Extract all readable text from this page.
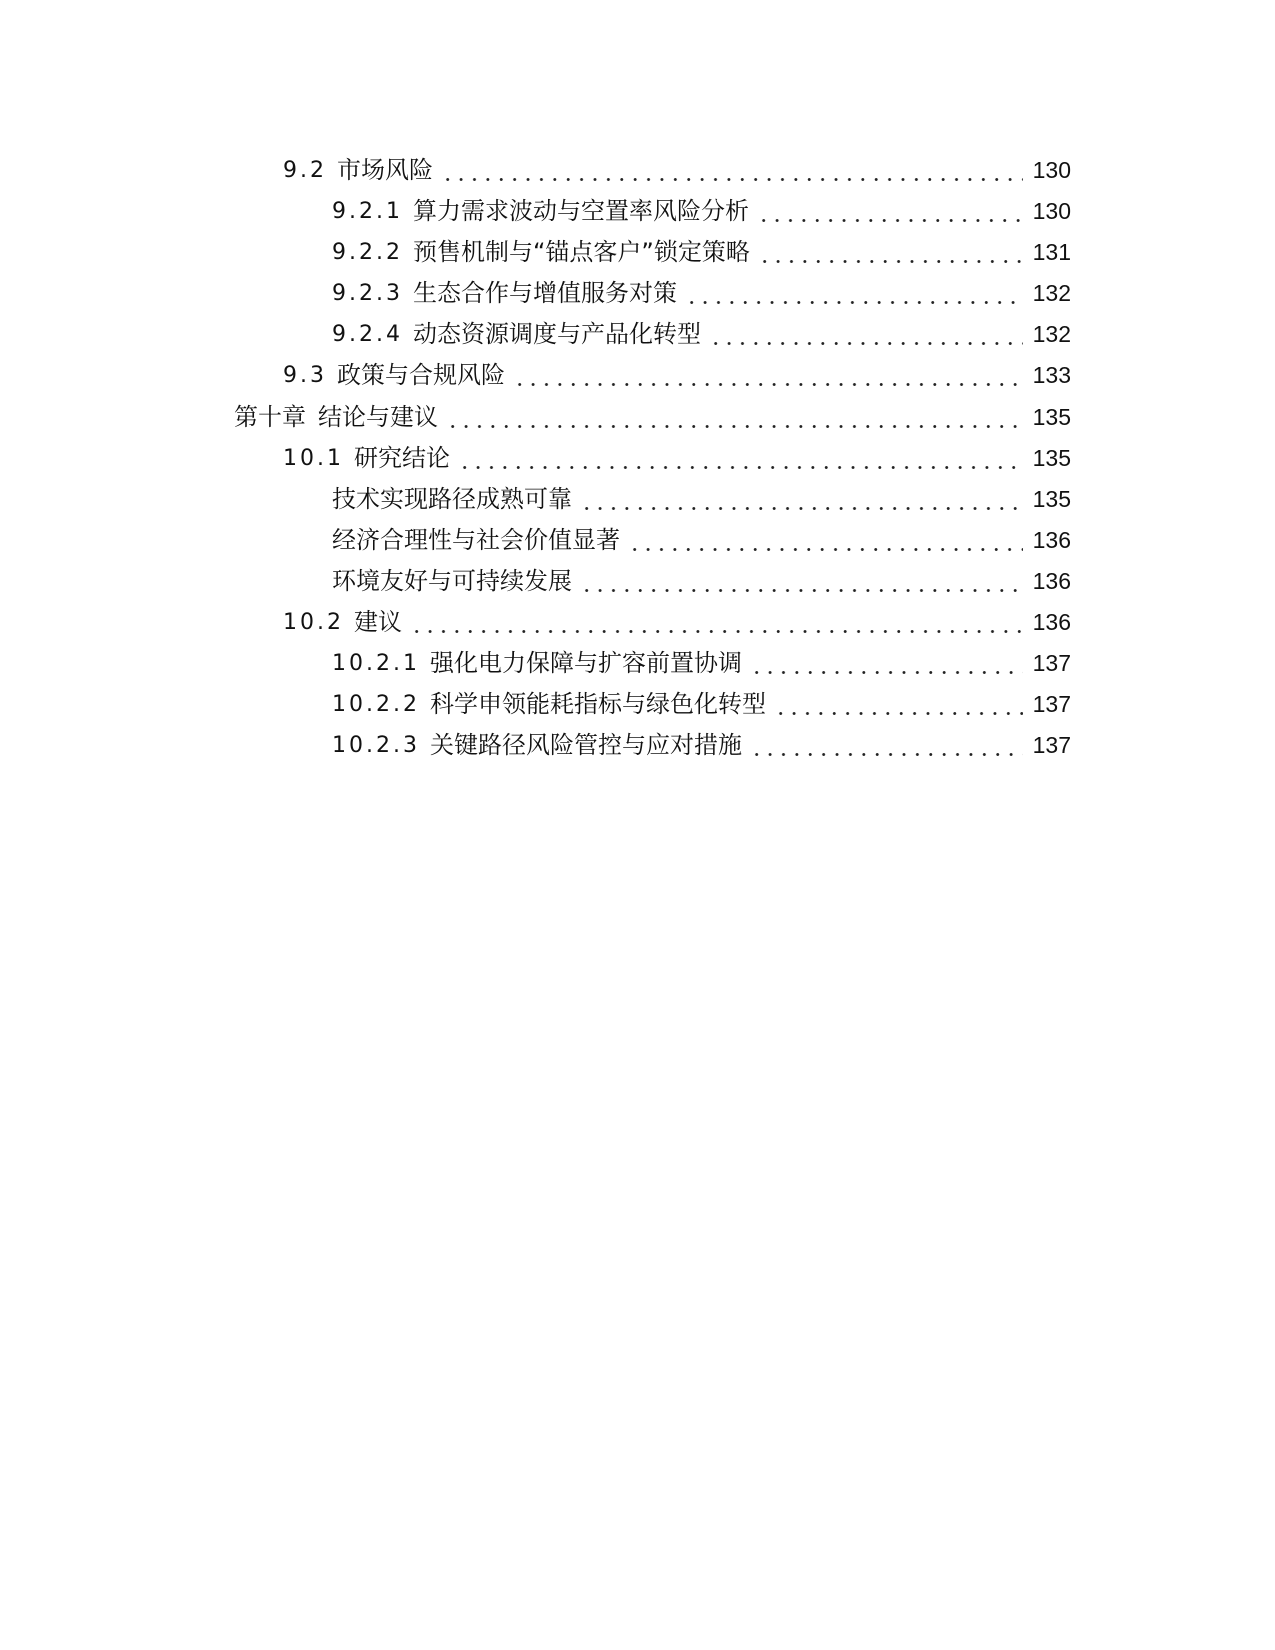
9.2 市场风险	130
9.2.1 算力需求波动与空置率风险分析	130
9.2.2 预售机制与“锚点客户”锁定策略	131
9.2.3 生态合作与增值服务对策	132
9.2.4 动态资源调度与产品化转型	132
9.3 政策与合规风险	133
第十章 结论与建议	135
10.1 研究结论	135
技术实现路径成熟可靠	135
经济合理性与社会价值显著	136
环境友好与可持续发展	136
10.2 建议	136
10.2.1 强化电力保障与扩容前置协调	137
10.2.2 科学申领能耗指标与绿色化转型	137
10.2.3 关键路径风险管控与应对措施	137
